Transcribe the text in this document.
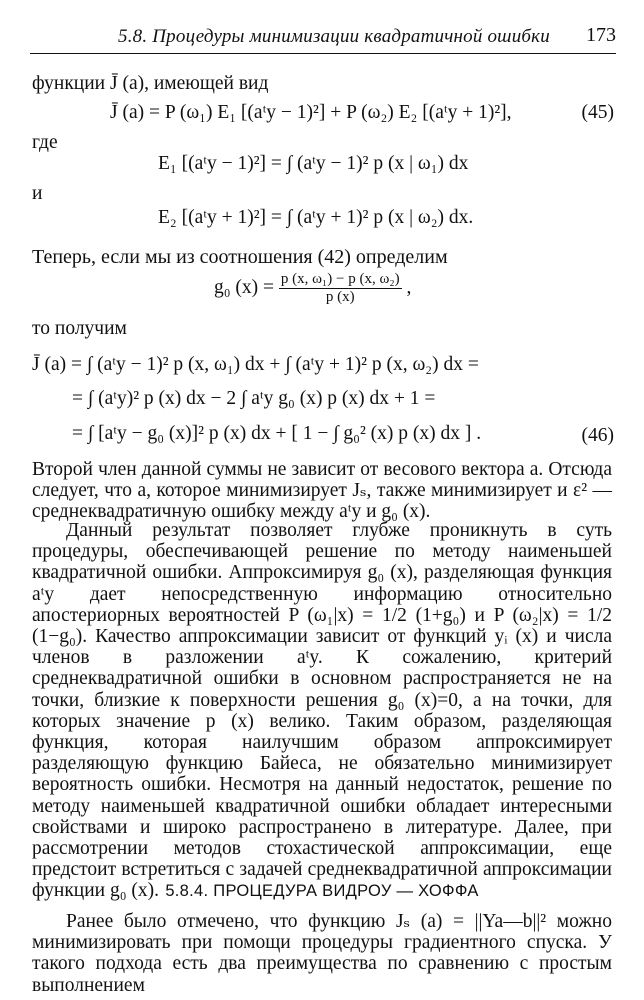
5.8. Процедуры минимизации квадратичной ошибки 173
функции J̄ (a), имеющей вид
J̄ (a) = P (ω₁) E₁ [(aᵗy − 1)²] + P (ω₂) E₂ [(aᵗy + 1)²],	(45)
где
E₁ [(aᵗy − 1)²] = ∫ (aᵗy − 1)² p (x | ω₁) dx
и
E₂ [(aᵗy + 1)²] = ∫ (aᵗy + 1)² p (x | ω₂) dx.
Теперь, если мы из соотношения (42) определим
g₀ $(x) = \frac{\text{p (x, ω₁) − p (x, ω₂)}}{p (x)}$ ,
то получим
J̄ (a) = ∫ (aᵗy − 1)² p (x, ω₁) dx + ∫ (aᵗy + 1)² p (x, ω₂) dx =
= ∫ (aᵗy)² p (x) dx − 2 ∫ aᵗy g₀ (x) p (x) dx + 1 =
= ∫ [aᵗy − g₀ (x)]² p (x) dx + [ 1 − ∫ g₀² (x) p (x) dx ] .	(46)

Второй член данной суммы не зависит от весового вектора a. Отсюда следует, что a, которое минимизирует Jₛ, также минимизирует и ε² — среднеквадратичную ошибку между aᵗy и g₀ (x).

Данный результат позволяет глубже проникнуть в суть процедуры, обеспечивающей решение по методу наименьшей квадратичной ошибки. Аппроксимируя g₀ (x), разделяющая функция aᵗy дает непосредственную информацию относительно апостериорных вероятностей P (ω₁|x) = 1/2 (1+g₀) и P (ω₂|x) = 1/2 (1−g₀). Качество аппроксимации зависит от функций yᵢ (x) и числа членов в разложении aᵗy. К сожалению, критерий среднеквадратичной ошибки в основном распространяется не на точки, близкие к поверхности решения g₀ (x)=0, а на точки, для которых значение p (x) велико. Таким образом, разделяющая функция, которая наилучшим образом аппроксимирует разделяющую функцию Байеса, не обязательно минимизирует вероятность ошибки. Несмотря на данный недостаток, решение по методу наименьшей квадратичной ошибки обладает интересными свойствами и широко распространено в литературе. Далее, при рассмотрении методов стохастической аппроксимации, еще предстоит встретиться с задачей среднеквадратичной аппроксимации функции g₀ (x). 5.8.4. ПРОЦЕДУРА ВИДРОУ — ХОФФА

Ранее было отмечено, что функцию Jₛ (a) = ||Ya—b||² можно минимизировать при помощи процедуры градиентного спуска. У такого подхода есть два преимущества по сравнению с простым выполнением
